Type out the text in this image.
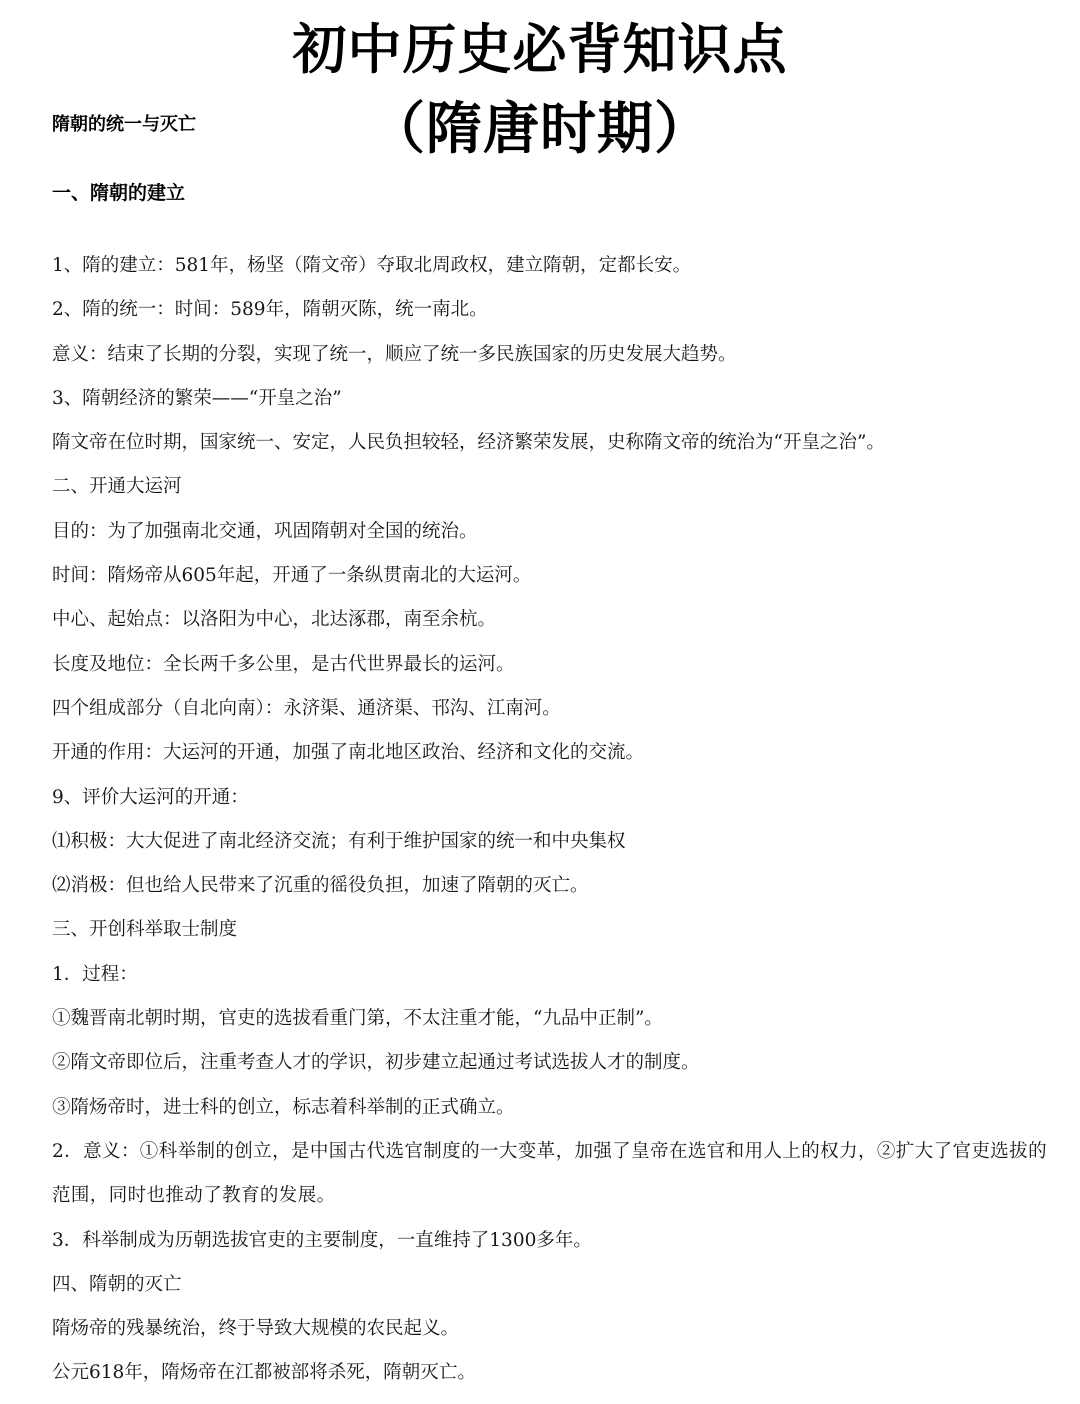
初中历史必背知识点
（隋唐时期）
隋朝的统一与灭亡
一、隋朝的建立

1、隋的建立：581年，杨坚（隋文帝）夺取北周政权，建立隋朝，定都长安。

2、隋的统一：时间：589年，隋朝灭陈，统一南北。

意义：结束了长期的分裂，实现了统一，顺应了统一多民族国家的历史发展大趋势。

3、隋朝经济的繁荣——“开皇之治”

隋文帝在位时期，国家统一、安定，人民负担较轻，经济繁荣发展，史称隋文帝的统治为“开皇之治”。

二、开通大运河

目的：为了加强南北交通，巩固隋朝对全国的统治。

时间：隋炀帝从605年起，开通了一条纵贯南北的大运河。

中心、起始点：以洛阳为中心，北达涿郡，南至余杭。

长度及地位：全长两千多公里，是古代世界最长的运河。

四个组成部分（自北向南）：永济渠、通济渠、邗沟、江南河。

开通的作用：大运河的开通，加强了南北地区政治、经济和文化的交流。

9、评价大运河的开通：

⑴积极：大大促进了南北经济交流；有利于维护国家的统一和中央集权

⑵消极：但也给人民带来了沉重的徭役负担，加速了隋朝的灭亡。

三、开创科举取士制度

1．过程：

①魏晋南北朝时期，官吏的选拔看重门第，不太注重才能，“九品中正制”。

②隋文帝即位后，注重考查人才的学识，初步建立起通过考试选拔人才的制度。

③隋炀帝时，进士科的创立，标志着科举制的正式确立。

2．意义：①科举制的创立，是中国古代选官制度的一大变革，加强了皇帝在选官和用人上的权力，②扩大了官吏选拔的范围，同时也推动了教育的发展。

3．科举制成为历朝选拔官吏的主要制度，一直维持了1300多年。

四、隋朝的灭亡

隋炀帝的残暴统治，终于导致大规模的农民起义。

公元618年，隋炀帝在江都被部将杀死，隋朝灭亡。
